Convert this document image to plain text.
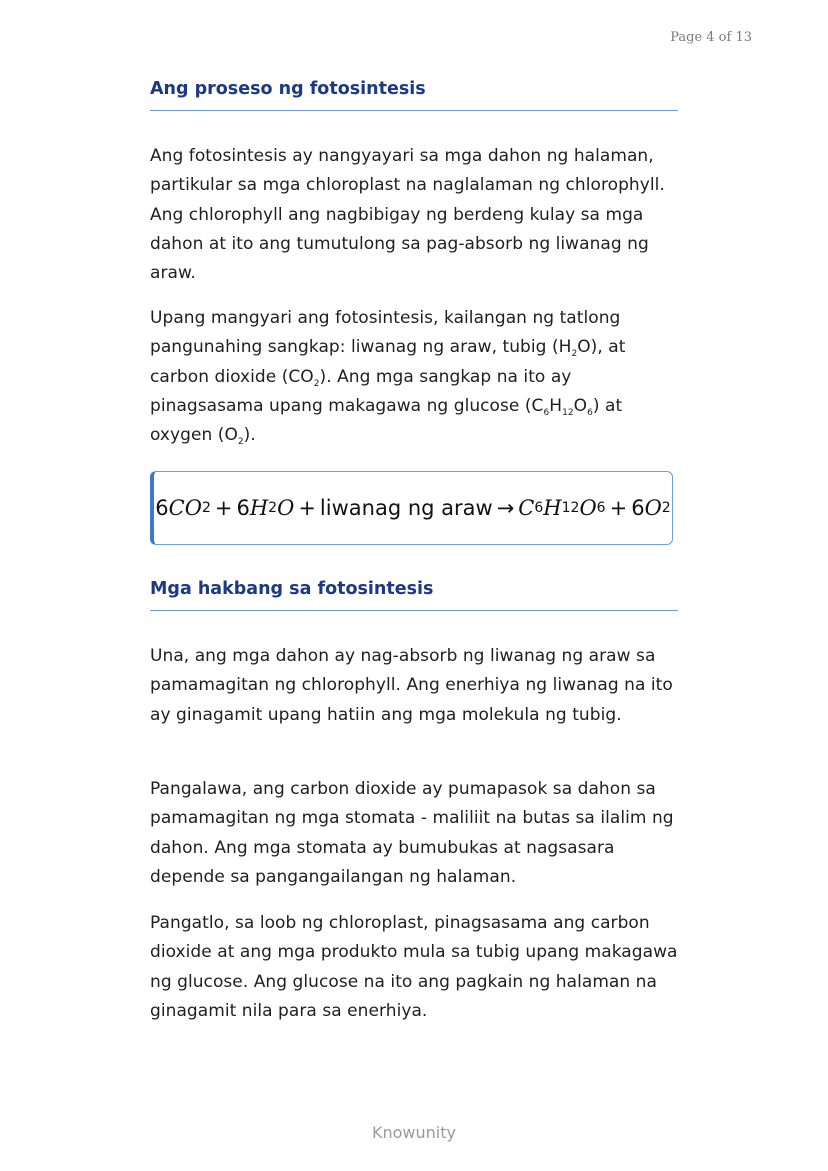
Page 4 of 13
Ang proseso ng fotosintesis

Ang fotosintesis ay nangyayari sa mga dahon ng halaman, partikular sa mga chloroplast na naglalaman ng chlorophyll. Ang chlorophyll ang nagbibigay ng berdeng kulay sa mga dahon at ito ang tumutulong sa pag-absorb ng liwanag ng araw.

Upang mangyari ang fotosintesis, kailangan ng tatlong pangunahing sangkap: liwanag ng araw, tubig $(H_2O)$, at carbon dioxide $(CO_2)$. Ang mga sangkap na ito ay pinagsasama upang makagawa ng glucose $(C_6H_{12}O_6)$ at oxygen $(O_2)$.

6 CO 2 + 6 H 2 O + liwanag ng araw → C 6 H 12 O 6 + 6 O 2
Mga hakbang sa fotosintesis

Una, ang mga dahon ay nag-absorb ng liwanag ng araw sa pamamagitan ng chlorophyll. Ang enerhiya ng liwanag na ito ay ginagamit upang hatiin ang mga molekula ng tubig.

Pangalawa, ang carbon dioxide ay pumapasok sa dahon sa pamamagitan ng mga stomata - maliliit na butas sa ilalim ng dahon. Ang mga stomata ay bumubukas at nagsasara depende sa pangangailangan ng halaman.

Pangatlo, sa loob ng chloroplast, pinagsasama ang carbon dioxide at ang mga produkto mula sa tubig upang makagawa ng glucose. Ang glucose na ito ang pagkain ng halaman na ginagamit nila para sa enerhiya.

Knowunity
